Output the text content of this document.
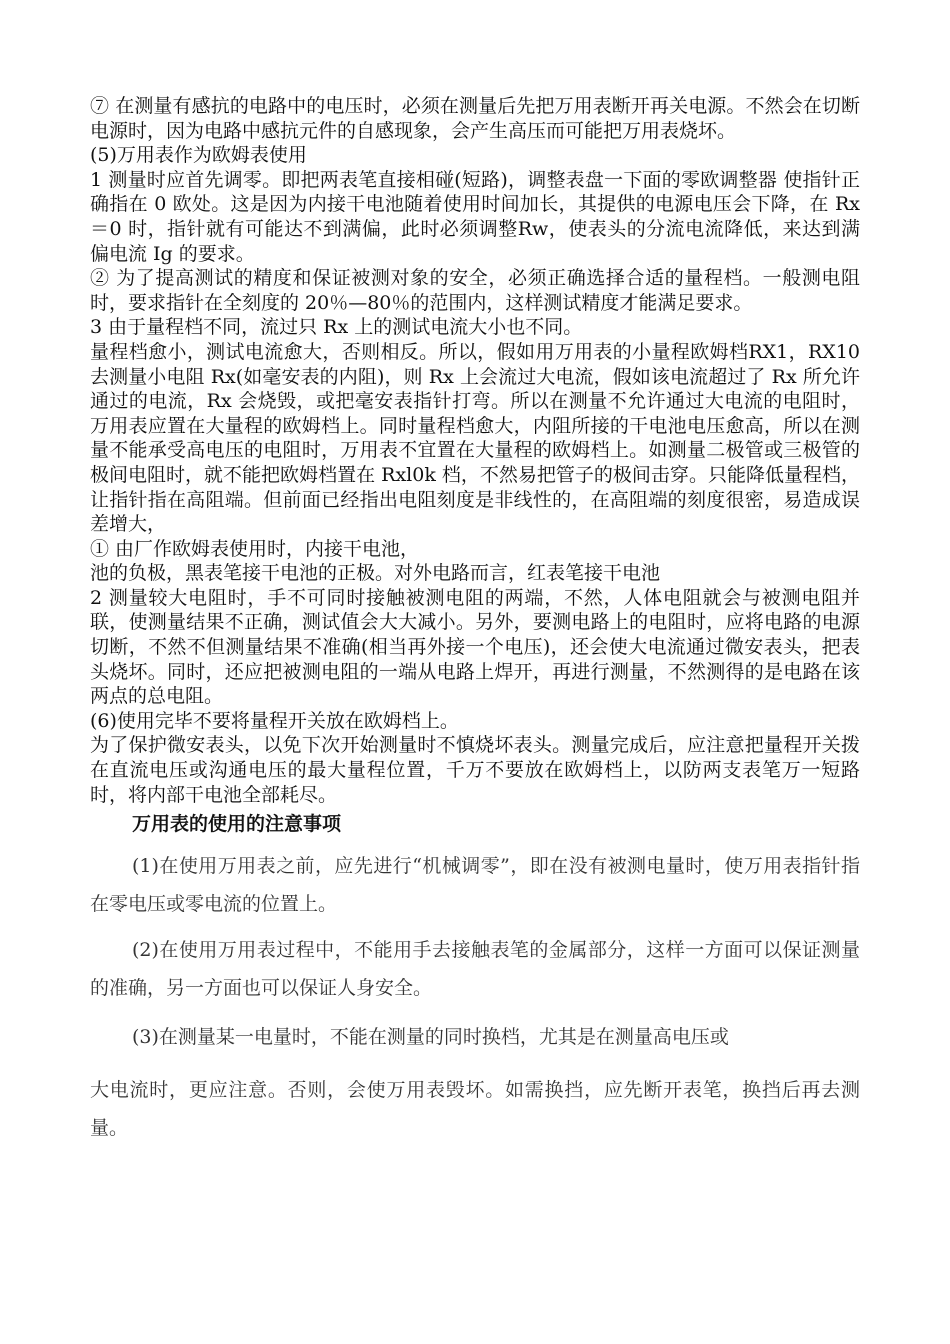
⑦ 在测量有感抗的电路中的电压时，必须在测量后先把万用表断开再关电源。不然会在切断电源时，因为电路中感抗元件的自感现象，会产生高压而可能把万用表烧坏。

(5)万用表作为欧姆表使用

1 测量时应首先调零。即把两表笔直接相碰(短路)，调整表盘一下面的零欧调整器 使指针正确指在 0 欧处。这是因为内接干电池随着使用时间加长，其提供的电源电压会下降，在 Rx＝0 时，指针就有可能达不到满偏，此时必须调整Rw，使表头的分流电流降低，来达到满偏电流 Ig 的要求。

② 为了提高测试的精度和保证被测对象的安全，必须正确选择合适的量程档。一般测电阻时，要求指针在全刻度的 20％—80％的范围内，这样测试精度才能满足要求。

3 由于量程档不同，流过只 Rx 上的测试电流大小也不同。

量程档愈小，测试电流愈大，否则相反。所以，假如用万用表的小量程欧姆档RX1，RX10 去测量小电阻 Rx(如毫安表的内阻)，则 Rx 上会流过大电流，假如该电流超过了 Rx 所允许通过的电流，Rx 会烧毁，或把毫安表指针打弯。所以在测量不允许通过大电流的电阻时，万用表应置在大量程的欧姆档上。同时量程档愈大，内阻所接的干电池电压愈高，所以在测量不能承受高电压的电阻时，万用表不宜置在大量程的欧姆档上。如测量二极管或三极管的极间电阻时，就不能把欧姆档置在 Rxl0k 档，不然易把管子的极间击穿。只能降低量程档，让指针指在高阻端。但前面已经指出电阻刻度是非线性的，在高阻端的刻度很密，易造成误差增大，

① 由厂作欧姆表使用时，内接干电池，

池的负极，黑表笔接干电池的正极。对外电路而言，红表笔接干电池

2 测量较大电阻时，手不可同时接触被测电阻的两端，不然，人体电阻就会与被测电阻并联，使测量结果不正确，测试值会大大减小。另外，要测电路上的电阻时，应将电路的电源切断，不然不但测量结果不准确(相当再外接一个电压)，还会使大电流通过微安表头，把表头烧坏。同时，还应把被测电阻的一端从电路上焊开，再进行测量，不然测得的是电路在该两点的总电阻。

(6)使用完毕不要将量程开关放在欧姆档上。

为了保护微安表头，以免下次开始测量时不慎烧坏表头。测量完成后，应注意把量程开关拨在直流电压或沟通电压的最大量程位置，千万不要放在欧姆档上，以防两支表笔万一短路时，将内部干电池全部耗尽。

万用表的使用的注意事项

(1)在使用万用表之前，应先进行“机械调零”，即在没有被测电量时，使万用表指针指在零电压或零电流的位置上。

(2)在使用万用表过程中，不能用手去接触表笔的金属部分，这样一方面可以保证测量的准确，另一方面也可以保证人身安全。

(3)在测量某一电量时，不能在测量的同时换档，尤其是在测量高电压或

大电流时，更应注意。否则，会使万用表毁坏。如需换挡，应先断开表笔，换挡后再去测量。
